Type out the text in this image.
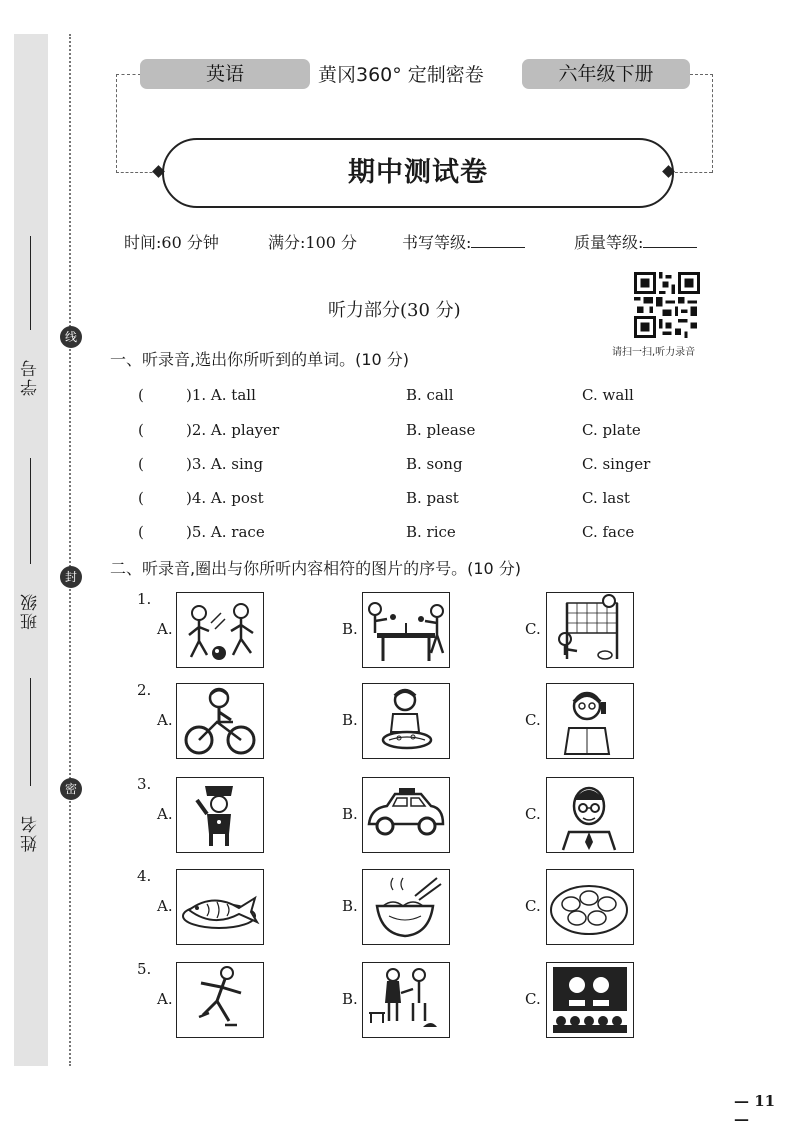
学号
班级
姓名
线
封
密
英语	黄冈360° 定制密卷	六年级下册
期中测试卷
时间:60 分钟	满分:100 分	书写等级:	质量等级:
听力部分(30 分)
请扫一扫,听力录音
一、听录音,选出你所听到的单词。(10 分)
(	)1. A. tall	B. call	C. wall
(	)2. A. player	B. please	C. plate
(	)3. A. sing	B. song	C. singer
(	)4. A. post	B. past	C. last
(	)5. A. race	B. rice	C. face
二、听录音,圈出与你所听内容相符的图片的序号。(10 分)
1.
A.	B.	C.
2.
A.	B.	C.
3.
A.	B.	C.
4.
A.	B.	C.
5.
A.	B.	C.
— 11 —
